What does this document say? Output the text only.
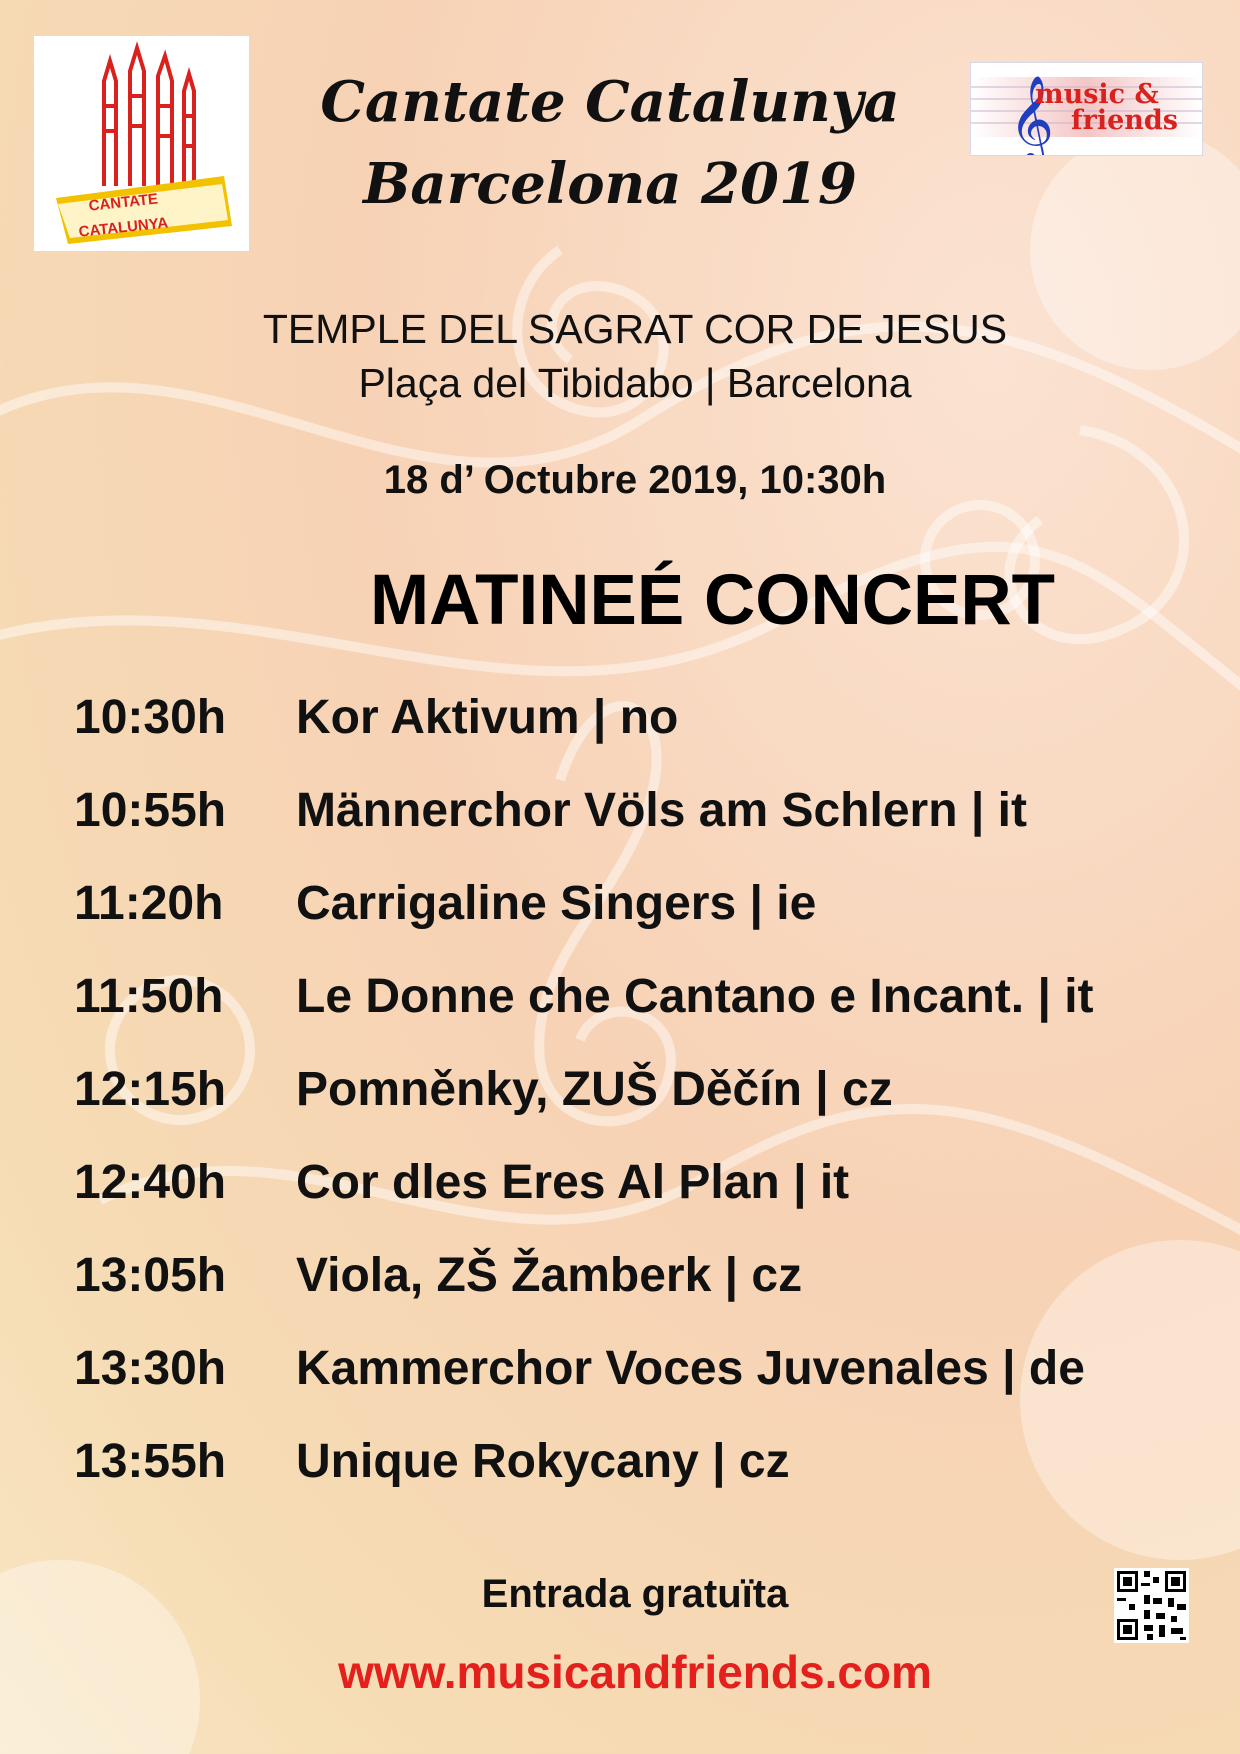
CANTATE
CATALUNYA
Cantate Catalunya
Barcelona 2019
𝄞
music &
friends
TEMPLE DEL SAGRAT COR DE JESUS
Plaça del Tibidabo | Barcelona
18 d’ Octubre 2019, 10:30h
MATINEÉ CONCERT
10:30h Kor Aktivum | no
10:55h Männerchor Völs am Schlern | it
11:20h Carrigaline Singers | ie
11:50h Le Donne che Cantano e Incant. | it
12:15h Pomněnky, ZUŠ Děčín | cz
12:40h Cor dles Eres Al Plan | it
13:05h Viola, ZŠ Žamberk | cz
13:30h Kammerchor Voces Juvenales | de
13:55h Unique Rokycany | cz
Entrada gratuïta
www.musicandfriends.com
